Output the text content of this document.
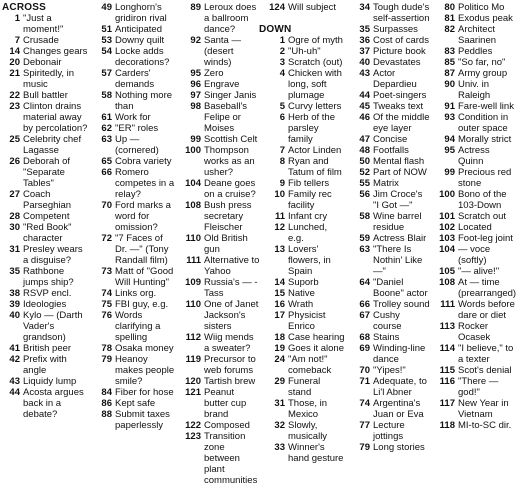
ACROSS
1 "Just a moment!"
7 Crusade
14 Changes gears
20 Debonair
21 Spiritedly, in music
22 Bull battler
23 Clinton drains material away by percolation?
25 Celebrity chef Lagasse
26 Deborah of "Separate Tables"
27 Coach Parseghian
28 Competent
30 "Red Book" character
31 Presley wears a disguise?
35 Rathbone jumps ship?
38 RSVP encl.
39 Ideologies
40 Kylo — (Darth Vader's grandson)
41 British peer
42 Prefix with angle
43 Liquidy lump
44 Acosta argues back in a debate?
49 Longhorn's gridiron rival
51 Anticipated
53 Downy quilt
54 Locke adds decorations?
57 Carders' demands
58 Nothing more than
61 Work for
62 "ER" roles
63 Up — (cornered)
65 Cobra variety
66 Romero competes in a relay?
70 Ford marks a word for omission?
72 "7 Faces of Dr. —" (Tony Randall film)
73 Matt of "Good Will Hunting"
74 Links org.
75 FBI guy, e.g.
76 Words clarifying a spelling
78 Osaka money
79 Heanoy makes people smile?
84 Fiber for hose
86 Kept safe
88 Submit taxes paperlessly
89 Leroux does a ballroom dance?
92 Santa — (desert winds)
95 Zero
96 Engrave
97 Singer Janis
98 Baseball's Felipe or Moises
99 Scottish Celt
100 Thompson works as an usher?
104 Deane goes on a cruise?
108 Bush press secretary Fleischer
110 Old British gun
111 Alternative to Yahoo
109 Russia's — -Tass
110 One of Janet Jackson's sisters
112 Wiig mends a sweater?
119 Precursor to web forums
120 Tartish brew
121 Peanut butter cup brand
122 Composed
123 Transition zone between plant communities
124 Will subject
DOWN
1 Ogre of myth
2 "Uh-uh"
3 Scratch (out)
4 Chicken with long, soft plumage
5 Curvy letters
6 Herb of the parsley family
7 Actor Linden
8 Ryan and Tatum of film
9 Fib tellers
10 Family rec facility
11 Infant cry
12 Lunched, e.g.
13 Lovers' flowers, in Spain
14 Suporb
15 Native
16 Wrath
17 Physicist Enrico
18 Case hearing
19 Goes it alone
24 "Am not!" comeback
29 Funeral stand
31 Those, in Mexico
32 Slowly, musically
33 Winner's hand gesture
34 Tough dude's self-assertion
35 Surpasses
36 Cost of cards
37 Picture book
40 Devastates
43 Actor Depardieu
44 Poet-singers
45 Tweaks text
46 Of the middle eye layer
47 Concise
48 Footfalls
50 Mental flash
52 Part of NOW
55 Matrix
56 Jim Croce's "I Got —"
58 Wine barrel residue
59 Actress Blair
63 "There Is Nothin' Like —"
64 "Daniel Boone" actor
66 Trolley sound
67 Cushy course
68 Stains
69 Winding-line dance
70 "Yipes!"
71 Adequate, to Li'l Abner
74 Argentina's Juan or Eva
77 Lecture jottings
79 Long stories
80 Politico Mo
81 Exodus peak
82 Architect Saarinen
83 Peddles
85 "So far, no"
87 Army group
90 Univ. in Raleigh
91 Fare-well link
93 Condition in outer space
94 Morally strict
95 Actress Quinn
99 Precious red stone
100 Bono of the 103-Down
101 Scratch out
102 Located
103 Foot-leg joint
104 — voce (softly)
105 "— alive!"
108 At — time (prearranged)
111 Words before dare or diet
113 Rocker Ocasek
114 "I believe," to a texter
115 Scot's denial
116 "There — god!"
117 New Year in Vietnam
118 MI-to-SC dir.
